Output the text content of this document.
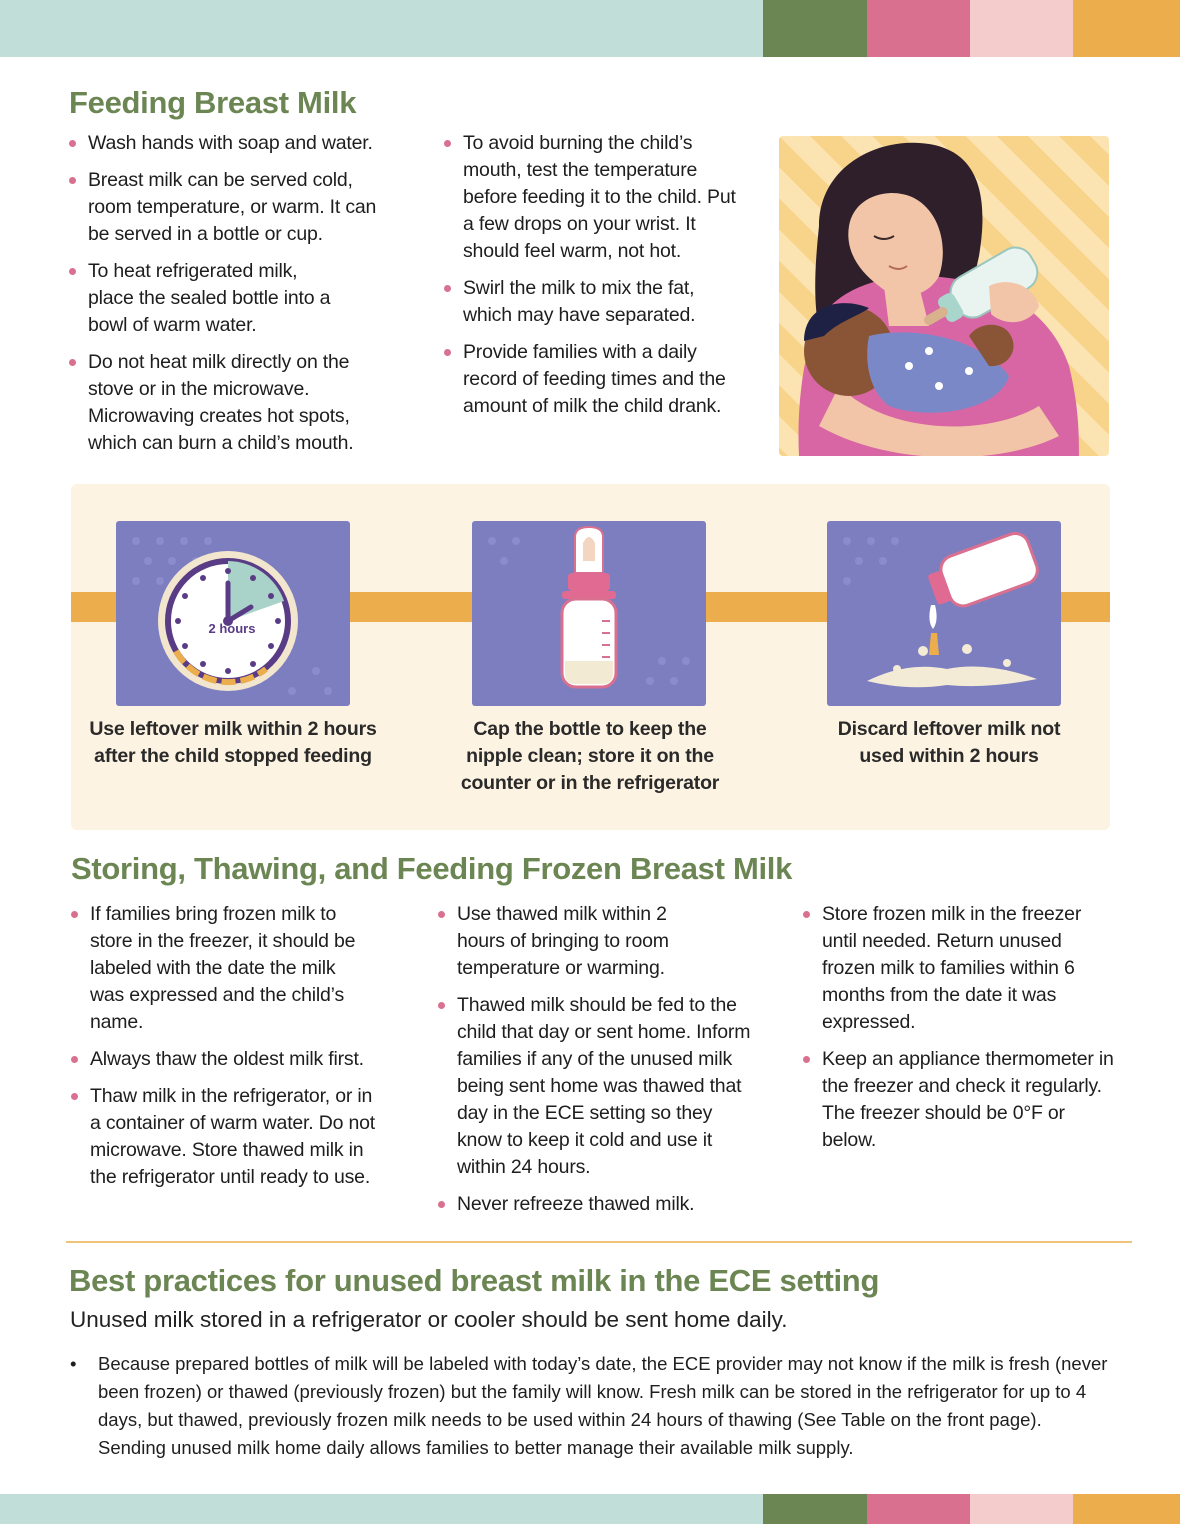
Feeding Breast Milk
Wash hands with soap and water.
Breast milk can be served cold, room temperature, or warm. It can be served in a bottle or cup.
To heat refrigerated milk, place the sealed bottle into a bowl of warm water.
Do not heat milk directly on the stove or in the microwave. Microwaving creates hot spots, which can burn a child’s mouth.
To avoid burning the child’s mouth, test the temperature before feeding it to the child. Put a few drops on your wrist. It should feel warm, not hot.
Swirl the milk to mix the fat, which may have separated.
Provide families with a daily record of feeding times and the amount of milk the child drank.
2 hours
Use leftover milk within 2 hours after the child stopped feeding
Cap the bottle to keep the nipple clean; store it on the counter or in the refrigerator
Discard leftover milk not used within 2 hours
Storing, Thawing, and Feeding Frozen Breast Milk
If families bring frozen milk to store in the freezer, it should be labeled with the date the milk was expressed and the child’s name.
Always thaw the oldest milk first.
Thaw milk in the refrigerator, or in a container of warm water. Do not microwave. Store thawed milk in the refrigerator until ready to use.
Use thawed milk within 2 hours of bringing to room temperature or warming.
Thawed milk should be fed to the child that day or sent home. Inform families if any of the unused milk being sent home was thawed that day in the ECE setting so they know to keep it cold and use it within 24 hours.
Never refreeze thawed milk.
Store frozen milk in the freezer until needed. Return unused frozen milk to families within 6 months from the date it was expressed.
Keep an appliance thermometer in the freezer and check it regularly. The freezer should be 0°F or below.
Best practices for unused breast milk in the ECE setting

Unused milk stored in a refrigerator or cooler should be sent home daily.

• Because prepared bottles of milk will be labeled with today’s date, the ECE provider may not know if the milk is fresh (never been frozen) or thawed (previously frozen) but the family will know. Fresh milk can be stored in the refrigerator for up to 4 days, but thawed, previously frozen milk needs to be used within 24 hours of thawing (See Table on the front page). Sending unused milk home daily allows families to better manage their available milk supply.
